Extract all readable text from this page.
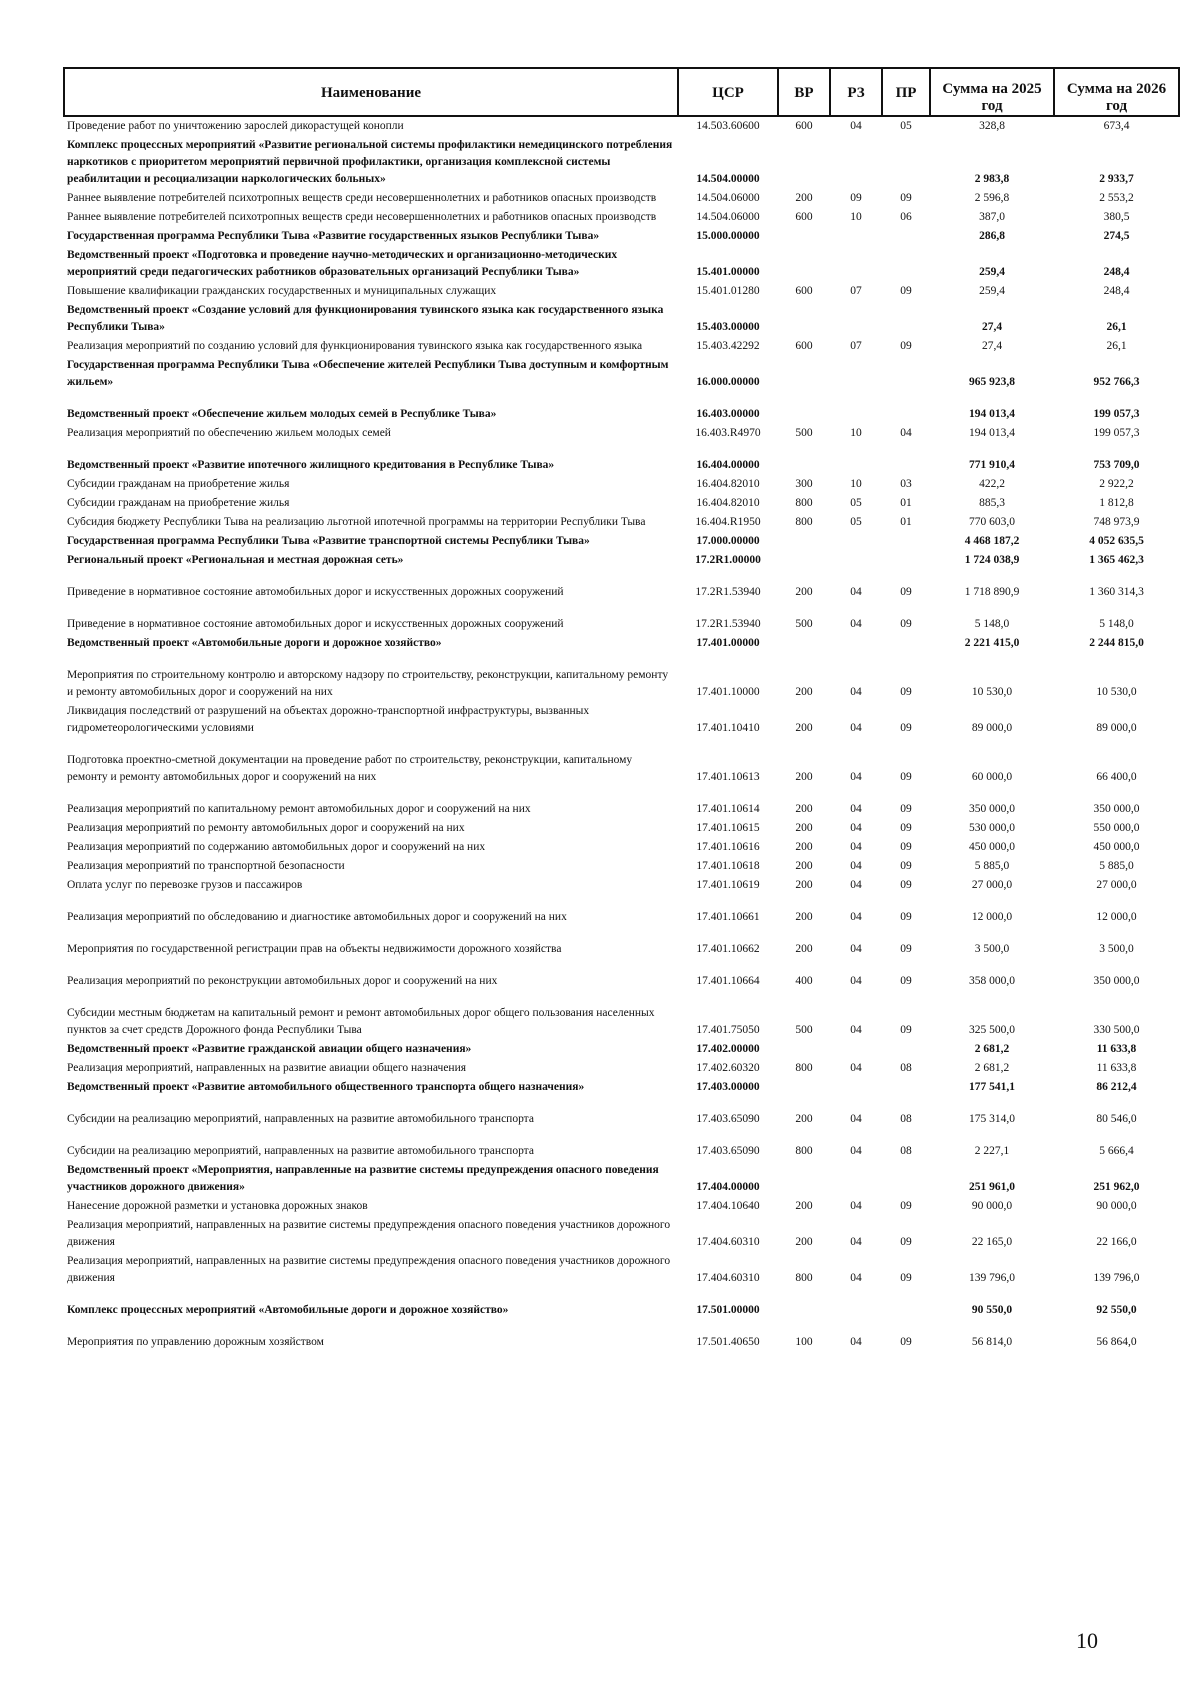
Наименование	ЦСР	ВР	РЗ	ПР	Сумма на 2025 год	Сумма на 2026 год
Проведение работ по уничтожению зарослей дикорастущей конопли	14.503.60600	600	04	05	328,8	673,4
Комплекс процессных мероприятий «Развитие региональной системы профилактики немедицинского потребления наркотиков с приоритетом мероприятий первичной профилактики, организация комплексной системы реабилитации и ресоциализации наркологических больных»	14.504.00000				2 983,8	2 933,7
Раннее выявление потребителей психотропных веществ среди несовершеннолетних и работников опасных производств	14.504.06000	200	09	09	2 596,8	2 553,2
Раннее выявление потребителей психотропных веществ среди несовершеннолетних и работников опасных производств	14.504.06000	600	10	06	387,0	380,5
Государственная программа Республики Тыва «Развитие государственных языков Республики Тыва»	15.000.00000				286,8	274,5
Ведомственный проект «Подготовка и проведение научно-методических и организационно-методических мероприятий среди педагогических работников образовательных организаций Республики Тыва»	15.401.00000				259,4	248,4
Повышение квалификации гражданских государственных и муниципальных служащих	15.401.01280	600	07	09	259,4	248,4
Ведомственный проект «Создание условий для функционирования тувинского языка как государственного языка Республики Тыва»	15.403.00000				27,4	26,1
Реализация мероприятий по созданию условий для функционирования тувинского языка как государственного языка	15.403.42292	600	07	09	27,4	26,1
Государственная программа Республики Тыва «Обеспечение жителей Республики Тыва доступным и комфортным жильем»	16.000.00000				965 923,8	952 766,3
Ведомственный проект «Обеспечение жильем молодых семей в Республике Тыва»	16.403.00000				194 013,4	199 057,3
Реализация мероприятий по обеспечению жильем молодых семей	16.403.R4970	500	10	04	194 013,4	199 057,3
Ведомственный проект «Развитие ипотечного жилищного кредитования в Республике Тыва»	16.404.00000				771 910,4	753 709,0
Субсидии гражданам на приобретение жилья	16.404.82010	300	10	03	422,2	2 922,2
Субсидии гражданам на приобретение жилья	16.404.82010	800	05	01	885,3	1 812,8
Субсидия бюджету Республики Тыва на реализацию льготной ипотечной программы на территории Республики Тыва	16.404.R1950	800	05	01	770 603,0	748 973,9
Государственная программа Республики Тыва «Развитие транспортной системы Республики Тыва»	17.000.00000				4 468 187,2	4 052 635,5
Региональный проект «Региональная и местная дорожная сеть»	17.2R1.00000				1 724 038,9	1 365 462,3
Приведение в нормативное состояние автомобильных дорог и искусственных дорожных сооружений	17.2R1.53940	200	04	09	1 718 890,9	1 360 314,3
Приведение в нормативное состояние автомобильных дорог и искусственных дорожных сооружений	17.2R1.53940	500	04	09	5 148,0	5 148,0
Ведомственный проект «Автомобильные дороги и дорожное хозяйство»	17.401.00000				2 221 415,0	2 244 815,0
Мероприятия по строительному контролю и авторскому надзору по строительству, реконструкции, капитальному ремонту и ремонту автомобильных дорог и сооружений на них	17.401.10000	200	04	09	10 530,0	10 530,0
Ликвидация последствий от разрушений на объектах дорожно-транспортной инфраструктуры, вызванных гидрометеорологическими условиями	17.401.10410	200	04	09	89 000,0	89 000,0
Подготовка проектно-сметной документации на проведение работ по строительству, реконструкции, капитальному ремонту и ремонту автомобильных дорог и сооружений на них	17.401.10613	200	04	09	60 000,0	66 400,0
Реализация мероприятий по капитальному ремонт автомобильных дорог и сооружений на них	17.401.10614	200	04	09	350 000,0	350 000,0
Реализация мероприятий по ремонту автомобильных дорог и сооружений на них	17.401.10615	200	04	09	530 000,0	550 000,0
Реализация мероприятий по содержанию автомобильных дорог и сооружений на них	17.401.10616	200	04	09	450 000,0	450 000,0
Реализация мероприятий по транспортной безопасности	17.401.10618	200	04	09	5 885,0	5 885,0
Оплата услуг по перевозке грузов и пассажиров	17.401.10619	200	04	09	27 000,0	27 000,0
Реализация мероприятий по обследованию и диагностике автомобильных дорог и сооружений на них	17.401.10661	200	04	09	12 000,0	12 000,0
Мероприятия по государственной регистрации прав на объекты недвижимости дорожного хозяйства	17.401.10662	200	04	09	3 500,0	3 500,0
Реализация мероприятий по реконструкции автомобильных дорог и сооружений на них	17.401.10664	400	04	09	358 000,0	350 000,0
Субсидии местным бюджетам на капитальный ремонт и ремонт автомобильных дорог общего пользования населенных пунктов за счет средств Дорожного фонда Республики Тыва	17.401.75050	500	04	09	325 500,0	330 500,0
Ведомственный проект «Развитие гражданской авиации общего назначения»	17.402.00000				2 681,2	11 633,8
Реализация мероприятий, направленных на развитие авиации общего назначения	17.402.60320	800	04	08	2 681,2	11 633,8
Ведомственный проект «Развитие автомобильного общественного транспорта общего назначения»	17.403.00000				177 541,1	86 212,4
Субсидии на реализацию мероприятий, направленных на развитие автомобильного транспорта	17.403.65090	200	04	08	175 314,0	80 546,0
Субсидии на реализацию мероприятий, направленных на развитие автомобильного транспорта	17.403.65090	800	04	08	2 227,1	5 666,4
Ведомственный проект «Мероприятия, направленные на развитие системы предупреждения опасного поведения участников дорожного движения»	17.404.00000				251 961,0	251 962,0
Нанесение дорожной разметки и установка дорожных знаков	17.404.10640	200	04	09	90 000,0	90 000,0
Реализация мероприятий, направленных на развитие системы предупреждения опасного поведения участников дорожного движения	17.404.60310	200	04	09	22 165,0	22 166,0
Реализация мероприятий, направленных на развитие системы предупреждения опасного поведения участников дорожного движения	17.404.60310	800	04	09	139 796,0	139 796,0
Комплекс процессных мероприятий «Автомобильные дороги и дорожное хозяйство»	17.501.00000				90 550,0	92 550,0
Мероприятия по управлению дорожным хозяйством	17.501.40650	100	04	09	56 814,0	56 864,0
10
